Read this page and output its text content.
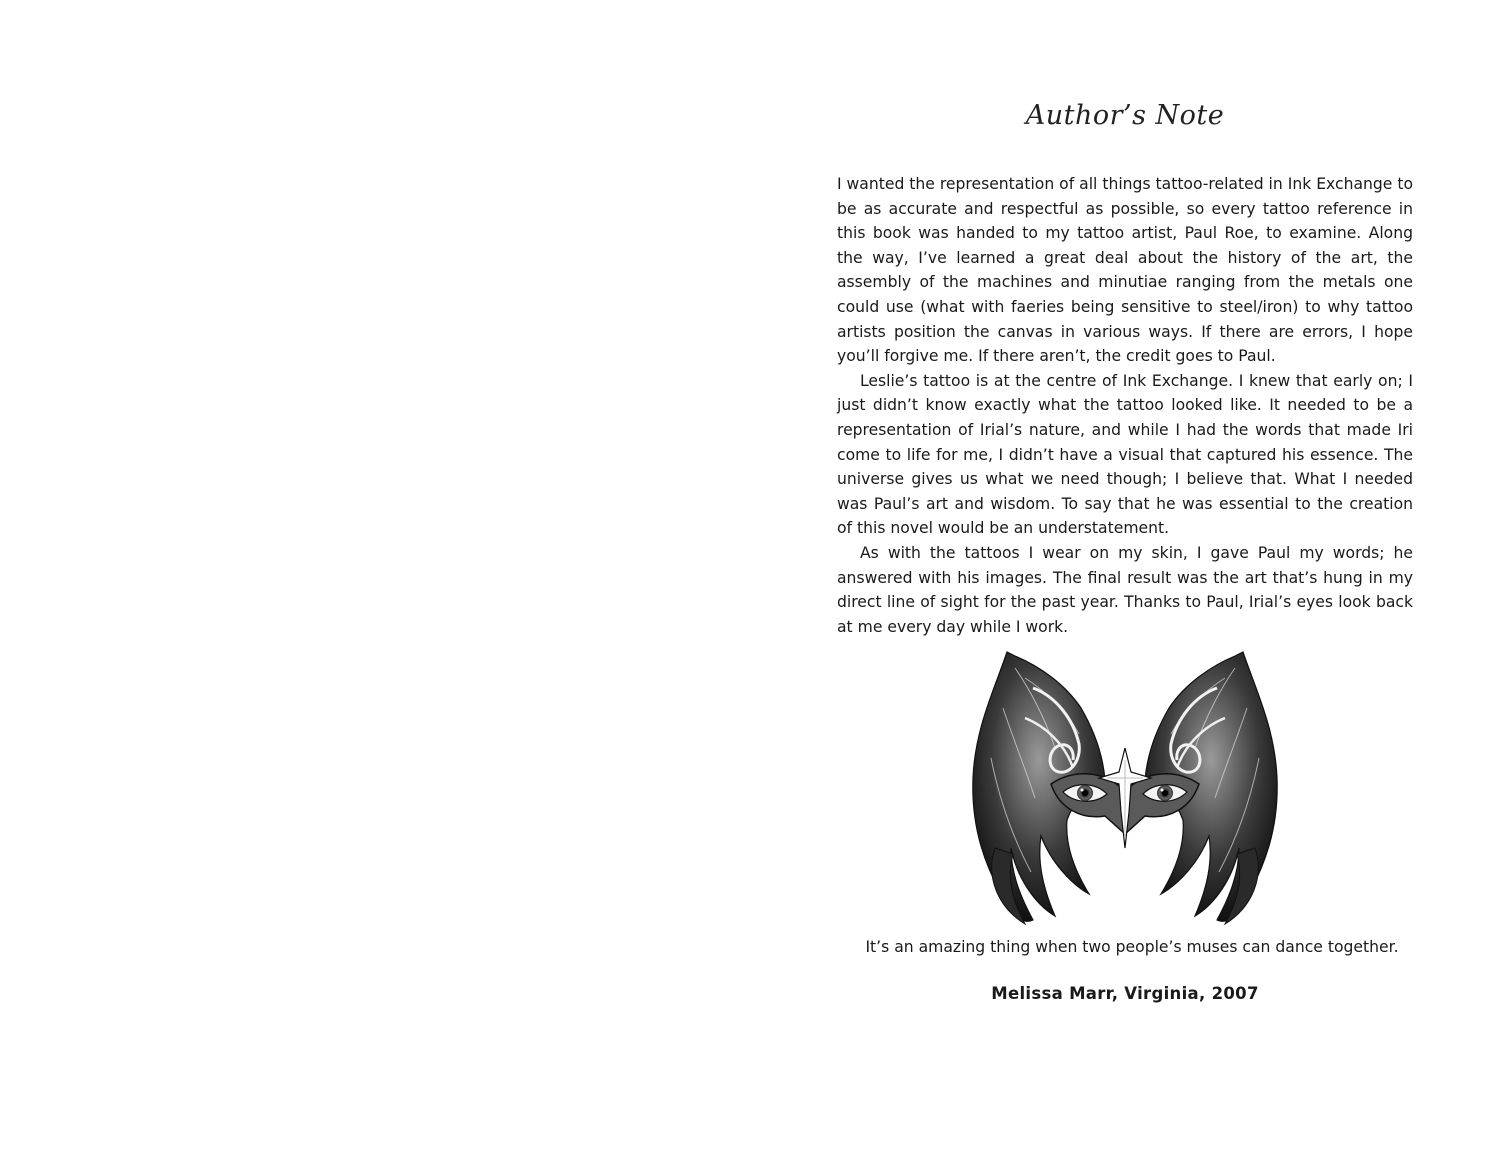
Author’s Note

I wanted the representation of all things tattoo-related in Ink Exchange to be as accurate and respectful as possible, so every tattoo reference in this book was handed to my tattoo artist, Paul Roe, to examine. Along the way, I’ve learned a great deal about the history of the art, the assembly of the machines and minutiae ranging from the metals one could use (what with faeries being sensitive to steel/iron) to why tattoo artists position the canvas in various ways. If there are errors, I hope you’ll forgive me. If there aren’t, the credit goes to Paul.

Leslie’s tattoo is at the centre of Ink Exchange. I knew that early on; I just didn’t know exactly what the tattoo looked like. It needed to be a representation of Irial’s nature, and while I had the words that made Iri come to life for me, I didn’t have a visual that captured his essence. The universe gives us what we need though; I believe that. What I needed was Paul’s art and wisdom. To say that he was essential to the creation of this novel would be an understatement.

As with the tattoos I wear on my skin, I gave Paul my words; he answered with his images. The final result was the art that’s hung in my direct line of sight for the past year. Thanks to Paul, Irial’s eyes look back at me every day while I work.

It’s an amazing thing when two people’s muses can dance together.

Melissa Marr, Virginia, 2007
